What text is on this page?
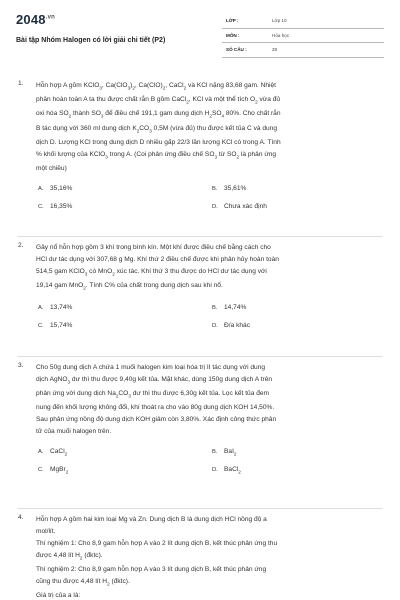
$2048^{.vn}$
Bài tập Nhóm Halogen có lời giải chi tiết (P2)
LỚP :	Lớp 10
MÔN :	Hóa học
SỐ CÂU :	28
1. Hỗn hợp A gồm KClO$_3$, $Ca(ClO_3)_2$, $Ca(ClO)_2$, CaCl$_2$ và KCl nặng 83,68 gam. Nhiệt

phân hoàn toàn A ta thu được chất rắn B gồm CaCl$_2$, KCl và một thể tích $O_2$ vừa đủ

oxi hóa $SO_2$ thành $SO_3$ để điều chế 191,1 gam dung dịch $H_2SO_4$ 80%. Cho chất rắn

B tác dụng với 360 ml dung dịch $K_2CO_3$ 0,5M (vừa đủ) thu được kết tủa C và dung

dịch D. Lượng KCl trong dung dịch D nhiều gấp 22/3 lần lượng KCl có trong A. Tính

% khối lượng của KClO$_3$ trong A. (Coi phản ứng điều chế $SO_3$ từ $SO_2$ là phản ứng

một chiều)

A. 35,16%	B. 35,61%
C. 16,35%	D. Chưa xác định
2. Gây nổ hỗn hợp gồm 3 khí trong bình kín. Một khí được điều chế bằng cách cho

HCl dư tác dụng với 307,68 g Mg. Khí thứ 2 điều chế được khi phân hủy hoàn toàn

514,5 gam KClO$_3$ có MnO$_2$ xúc tác. Khí thứ 3 thu được do HCl dư tác dụng với

19,14 gam MnO$_2$. Tính C% của chất trong dung dịch sau khi nổ.

A. 13,74%	B. 14,74%
C. 15,74%	D. Đ/a khác
3. Cho 50g dung dịch A chứa 1 muối halogen kim loại hóa trị II tác dụng với dung

dịch AgNO$_3$ dư thì thu được 9,40g kết tủa. Mặt khác, dùng 150g dung dịch A trên

phản ứng với dung dịch $Na_2CO_3$ dư thì thu được 6,30g kết tủa. Lọc kết tủa đem

nung đến khối lượng không đổi, khí thoát ra cho vào 80g dung dịch KOH 14,50%.

Sau phản ứng nồng độ dung dịch KOH giảm còn 3,80%. Xác định công thức phân

tử của muối halogen trên.

A. CaCl$_2$	B. BaI$_2$
C. MgBr$_2$	D. BaCl$_2$
4. Hỗn hợp A gồm hai kim loại Mg và Zn. Dung dịch B là dung dịch HCl nồng độ a

mol/lít.

Thí nghiệm 1: Cho 8,9 gam hỗn hợp A vào 2 lít dung dịch B, kết thúc phản ứng thu

được 4,48 lít $H_2$ (đktc).

Thí nghiệm 2: Cho 8,9 gam hỗn hợp A vào 3 lít dung dịch B, kết thúc phản ứng

cũng thu được 4,48 lít $H_2$ (đktc).

Giá trị của a là:
